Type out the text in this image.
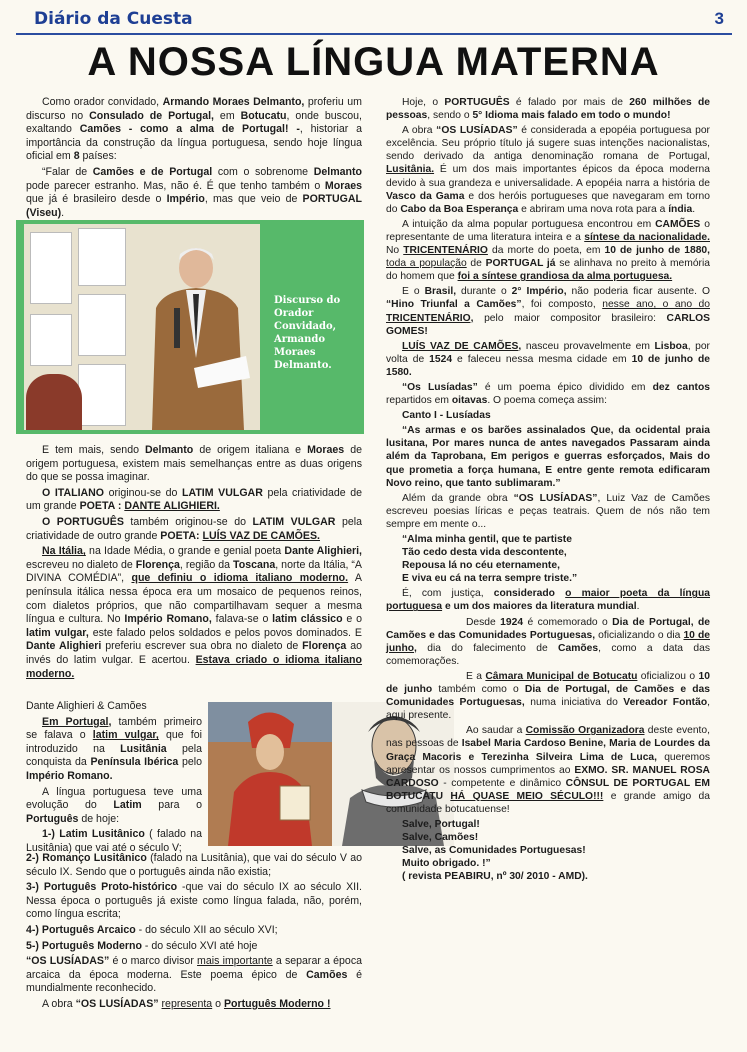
Diário da Cuesta	3
A NOSSA LÍNGUA MATERNA

Como orador convidado, Armando Moraes Delmanto, proferiu um discurso no Consulado de Portugal, em Botucatu, onde buscou, exaltando Camões - como a alma de Portugal! -, historiar a importância da construção da língua portuguesa, sendo hoje língua oficial em 8 países:

“Falar de Camões e de Portugal com o sobrenome Delmanto pode parecer estranho. Mas, não é. É que tenho também o Moraes que já é brasileiro desde o Império, mas que veio de PORTUGAL (Viseu).

Discurso do
Orador Convidado,
Armando Moraes
Delmanto.

E tem mais, sendo Delmanto de origem italiana e Moraes de origem portuguesa, existem mais semelhanças entre as duas origens do que se possa imaginar.

O ITALIANO originou-se do LATIM VULGAR pela criatividade de um grande POETA : DANTE ALIGHIERI.

O PORTUGUÊS também originou-se do LATIM VULGAR pela criatividade de outro grande POETA: LUÍS VAZ DE CAMÕES.

Na Itália, na Idade Média, o grande e genial poeta Dante Alighieri, escreveu no dialeto de Florença, região da Toscana, norte da Itália, “A DIVINA COMÉDIA”, que definiu o idioma italiano moderno. A península itálica nessa época era um mosaico de pequenos reinos, com dialetos próprios, que não compartilhavam sequer a mesma língua e cultura. No Império Romano, falava-se o latim clássico e o latim vulgar, este falado pelos soldados e pelos povos dominados. E Dante Alighieri preferiu escrever sua obra no dialeto de Florença ao invés do latim vulgar. E acertou. Estava criado o idioma italiano moderno.

Dante Alighieri & Camões

Em Portugal, também primeiro se falava o latim vulgar, que foi introduzido na Lusitânia pela conquista da Península Ibérica pelo Império Romano.

A língua portuguesa teve uma evolução do Latim para o Português de hoje:

1-) Latim Lusitânico ( falado na Lusitânia) que vai até o século V;

2-) Romanço Lusitânico (falado na Lusitânia), que vai do século V ao século IX. Sendo que o português ainda não existia;

3-) Português Proto-histórico -que vai do século IX ao século XII. Nessa época o português já existe como língua falada, não, porém, como língua escrita;

4-) Português Arcaico - do século XII ao século XVI;

5-) Português Moderno - do século XVI até hoje

“OS LUSÍADAS” é o marco divisor mais importante a separar a época arcaica da época moderna. Este poema épico de Camões é mundialmente reconhecido.

A obra “OS LUSÍADAS” representa o Português Moderno !

Hoje, o PORTUGUÊS é falado por mais de 260 milhões de pessoas, sendo o 5° Idioma mais falado em todo o mundo!

A obra “OS LUSÍADAS” é considerada a epopéia portuguesa por excelência. Seu próprio título já sugere suas intenções nacionalistas, sendo derivado da antiga denominação romana de Portugal, Lusitânia. É um dos mais importantes épicos da época moderna devido à sua grandeza e universalidade. A epopéia narra a história de Vasco da Gama e dos heróis portugueses que navegaram em torno do Cabo da Boa Esperança e abriram uma nova rota para a índia.

A intuição da alma popular portuguesa encontrou em CAMÕES o representante de uma literatura inteira e a síntese da nacionalidade. No TRICENTENÁRIO da morte do poeta, em 10 de junho de 1880, toda a população de PORTUGAL já se alinhava no preito à memória do homem que foi a síntese grandiosa da alma portuguesa.

E o Brasil, durante o 2° Império, não poderia ficar ausente. O “Hino Triunfal a Camões”, foi composto, nesse ano, o ano do TRICENTENÁRIO, pelo maior compositor brasileiro: CARLOS GOMES!

LUÍS VAZ DE CAMÕES, nasceu provavelmente em Lisboa, por volta de 1524 e faleceu nessa mesma cidade em 10 de junho de 1580.

“Os Lusíadas” é um poema épico dividido em dez cantos repartidos em oitavas. O poema começa assim:

Canto I - Lusíadas

“As armas e os barões assinalados Que, da ocidental praia lusitana, Por mares nunca de antes navegados Passaram ainda além da Taprobana, Em perigos e guerras esforçados, Mais do que prometia a força humana, E entre gente remota edificaram Novo reino, que tanto sublimaram.”

Além da grande obra “OS LUSÍADAS”, Luiz Vaz de Camões escreveu poesias líricas e peças teatrais. Quem de nós não tem sempre em mente o...

“Alma minha gentil, que te partiste
Tão cedo desta vida descontente,
Repousa lá no céu eternamente,
E viva eu cá na terra sempre triste.”

É, com justiça, considerado o maior poeta da língua portuguesa e um dos maiores da literatura mundial.

Desde 1924 é comemorado o Dia de Portugal, de Camões e das Comunidades Portuguesas, oficializando o dia 10 de junho, dia do falecimento de Camões, como a data das comemorações.

E a Câmara Municipal de Botucatu oficializou o 10 de junho também como o Dia de Portugal, de Camões e das Comunidades Portuguesas, numa iniciativa do Vereador Fontão, aqui presente.

Ao saudar a Comissão Organizadora deste evento, nas pessoas de Isabel Maria Cardoso Benine, Maria de Lourdes da Graça Macoris e Terezinha Silveira Lima de Luca, queremos apresentar os nossos cumprimentos ao EXMO. SR. MANUEL ROSA CARDOSO - competente e dinâmico CÔNSUL DE PORTUGAL EM BOTUCATU HÁ QUASE MEIO SÉCULO!!! e grande amigo da comunidade botucatuense!

Salve, Portugal!
Salve, Camões!
Salve, as Comunidades Portuguesas!
Muito obrigado. !”
( revista PEABIRU, nº 30/ 2010 - AMD).
